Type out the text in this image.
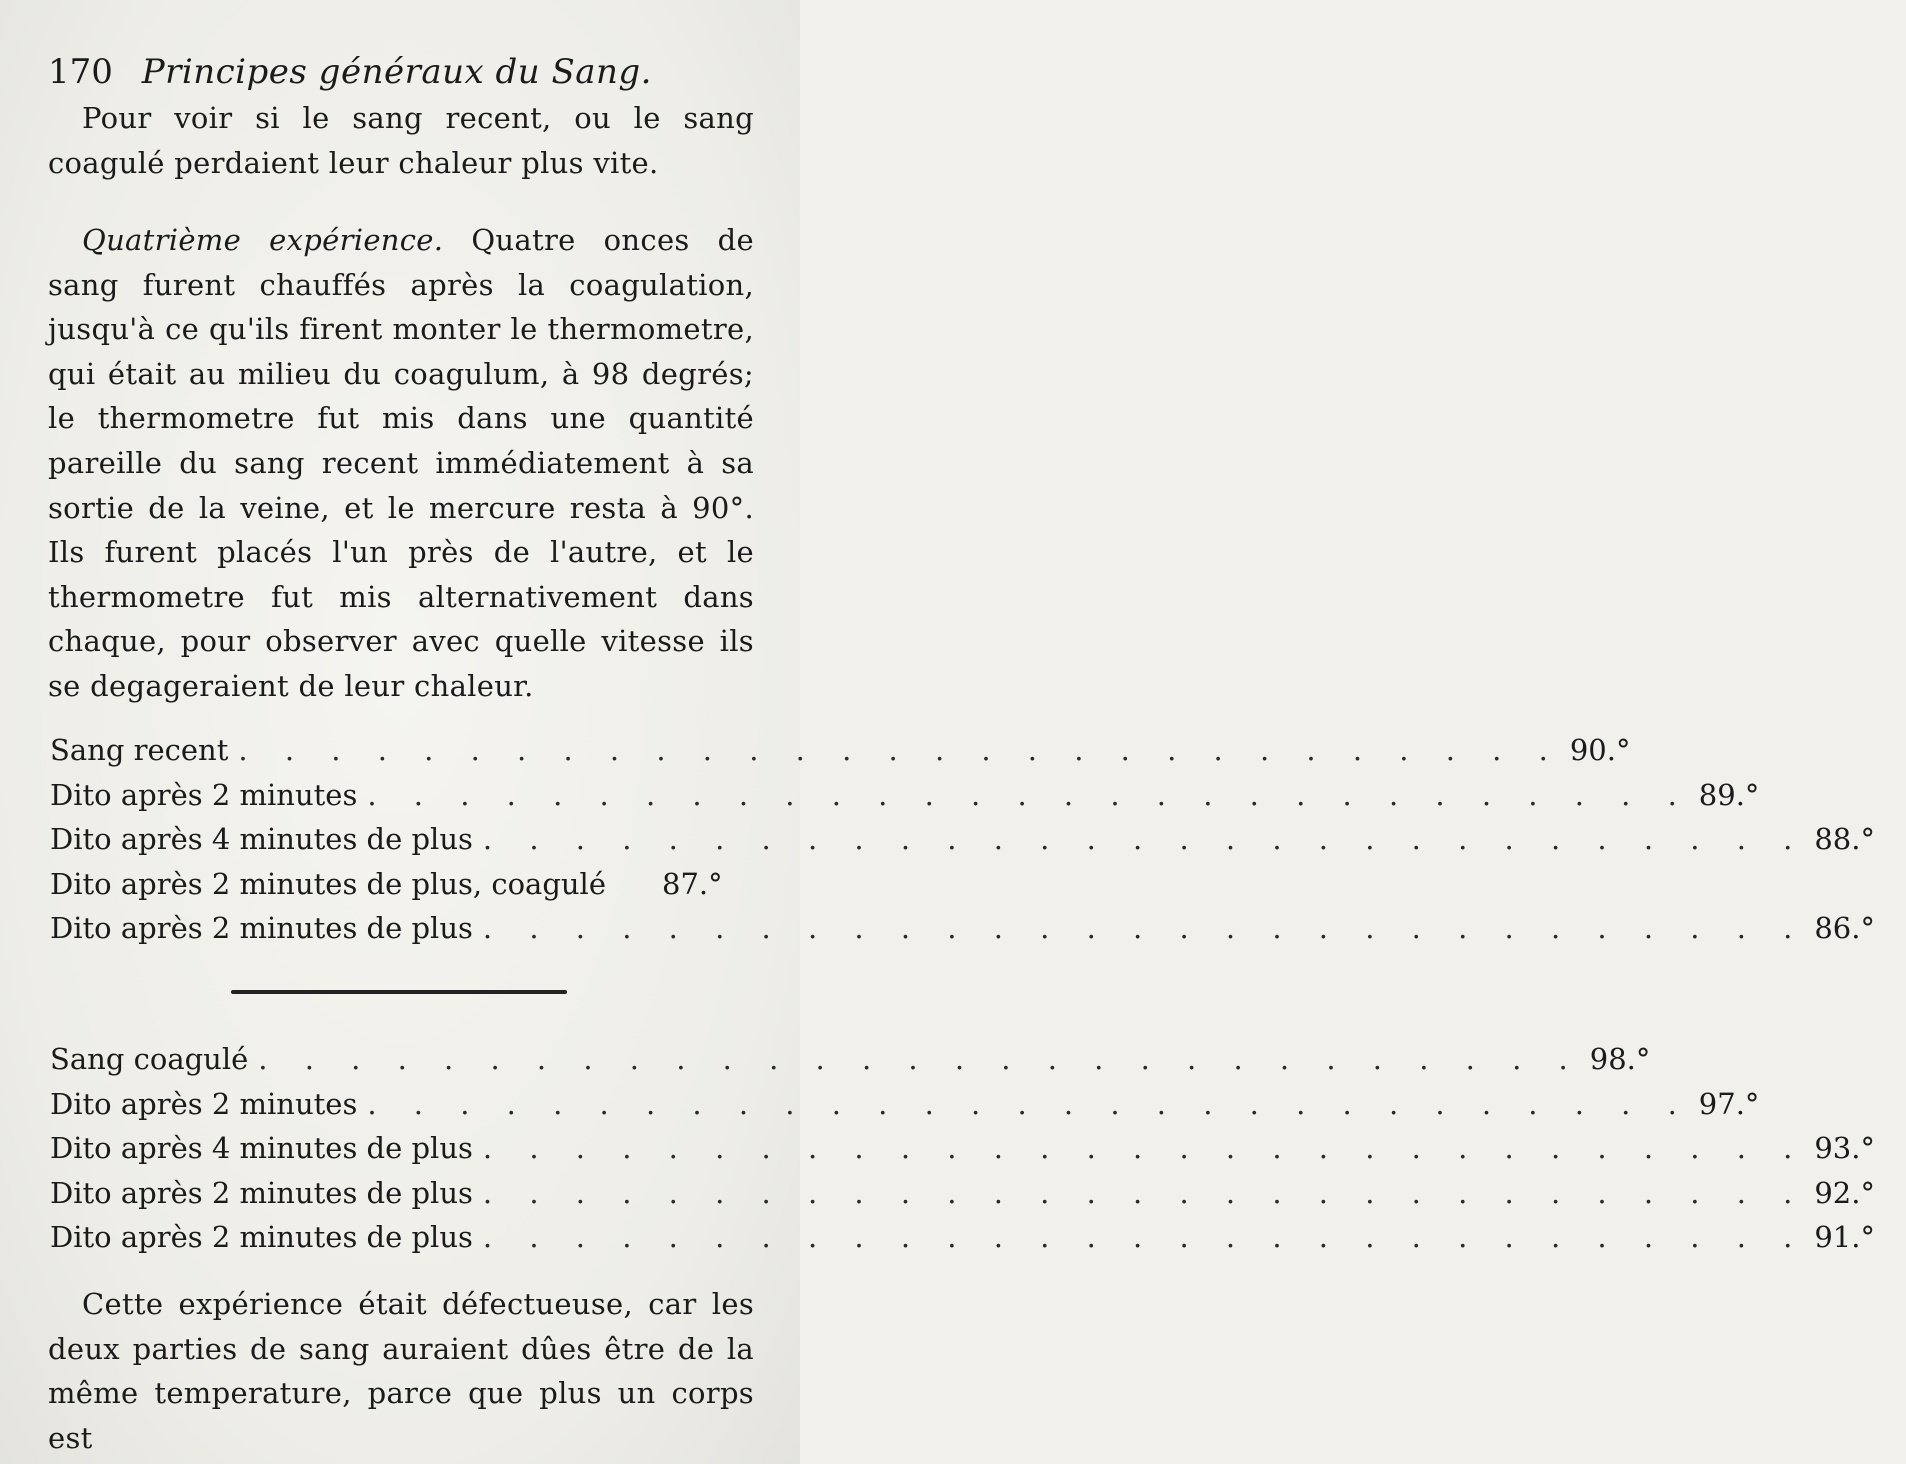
170 Principes généraux du Sang.

Pour voir si le sang recent, ou le sang coagulé perdaient leur chaleur plus vite.

Quatrième expérience. Quatre onces de sang furent chauffés après la coagulation, jusqu'à ce qu'ils firent monter le thermometre, qui était au milieu du coagulum, à 98 degrés; le thermometre fut mis dans une quantité pareille du sang recent immédiatement à sa sortie de la veine, et le mercure resta à 90°. Ils furent placés l'un près de l'autre, et le thermometre fut mis alternativement dans chaque, pour observer avec quelle vitesse ils se degageraient de leur chaleur.

Sang recent . . . . . . . . . . . . . . . . . . . . . . . . . . . . . 90.°
Dito après 2 minutes . . . . . . . . . . . . . . . . . . . . . . . . . . . . . 89.°
Dito après 4 minutes de plus . . . . . . . . . . . . . . . . . . . . . . . . . . . . . 88.°
Dito après 2 minutes de plus, coagulé	87.°
Dito après 2 minutes de plus . . . . . . . . . . . . . . . . . . . . . . . . . . . . . 86.°
Sang coagulé . . . . . . . . . . . . . . . . . . . . . . . . . . . . . 98.°
Dito après 2 minutes . . . . . . . . . . . . . . . . . . . . . . . . . . . . . 97.°
Dito après 4 minutes de plus . . . . . . . . . . . . . . . . . . . . . . . . . . . . . 93.°
Dito après 2 minutes de plus . . . . . . . . . . . . . . . . . . . . . . . . . . . . . 92.°
Dito après 2 minutes de plus . . . . . . . . . . . . . . . . . . . . . . . . . . . . . 91.°

Cette expérience était défectueuse, car les deux parties de sang auraient dûes être de la même temperature, parce que plus un corps est
